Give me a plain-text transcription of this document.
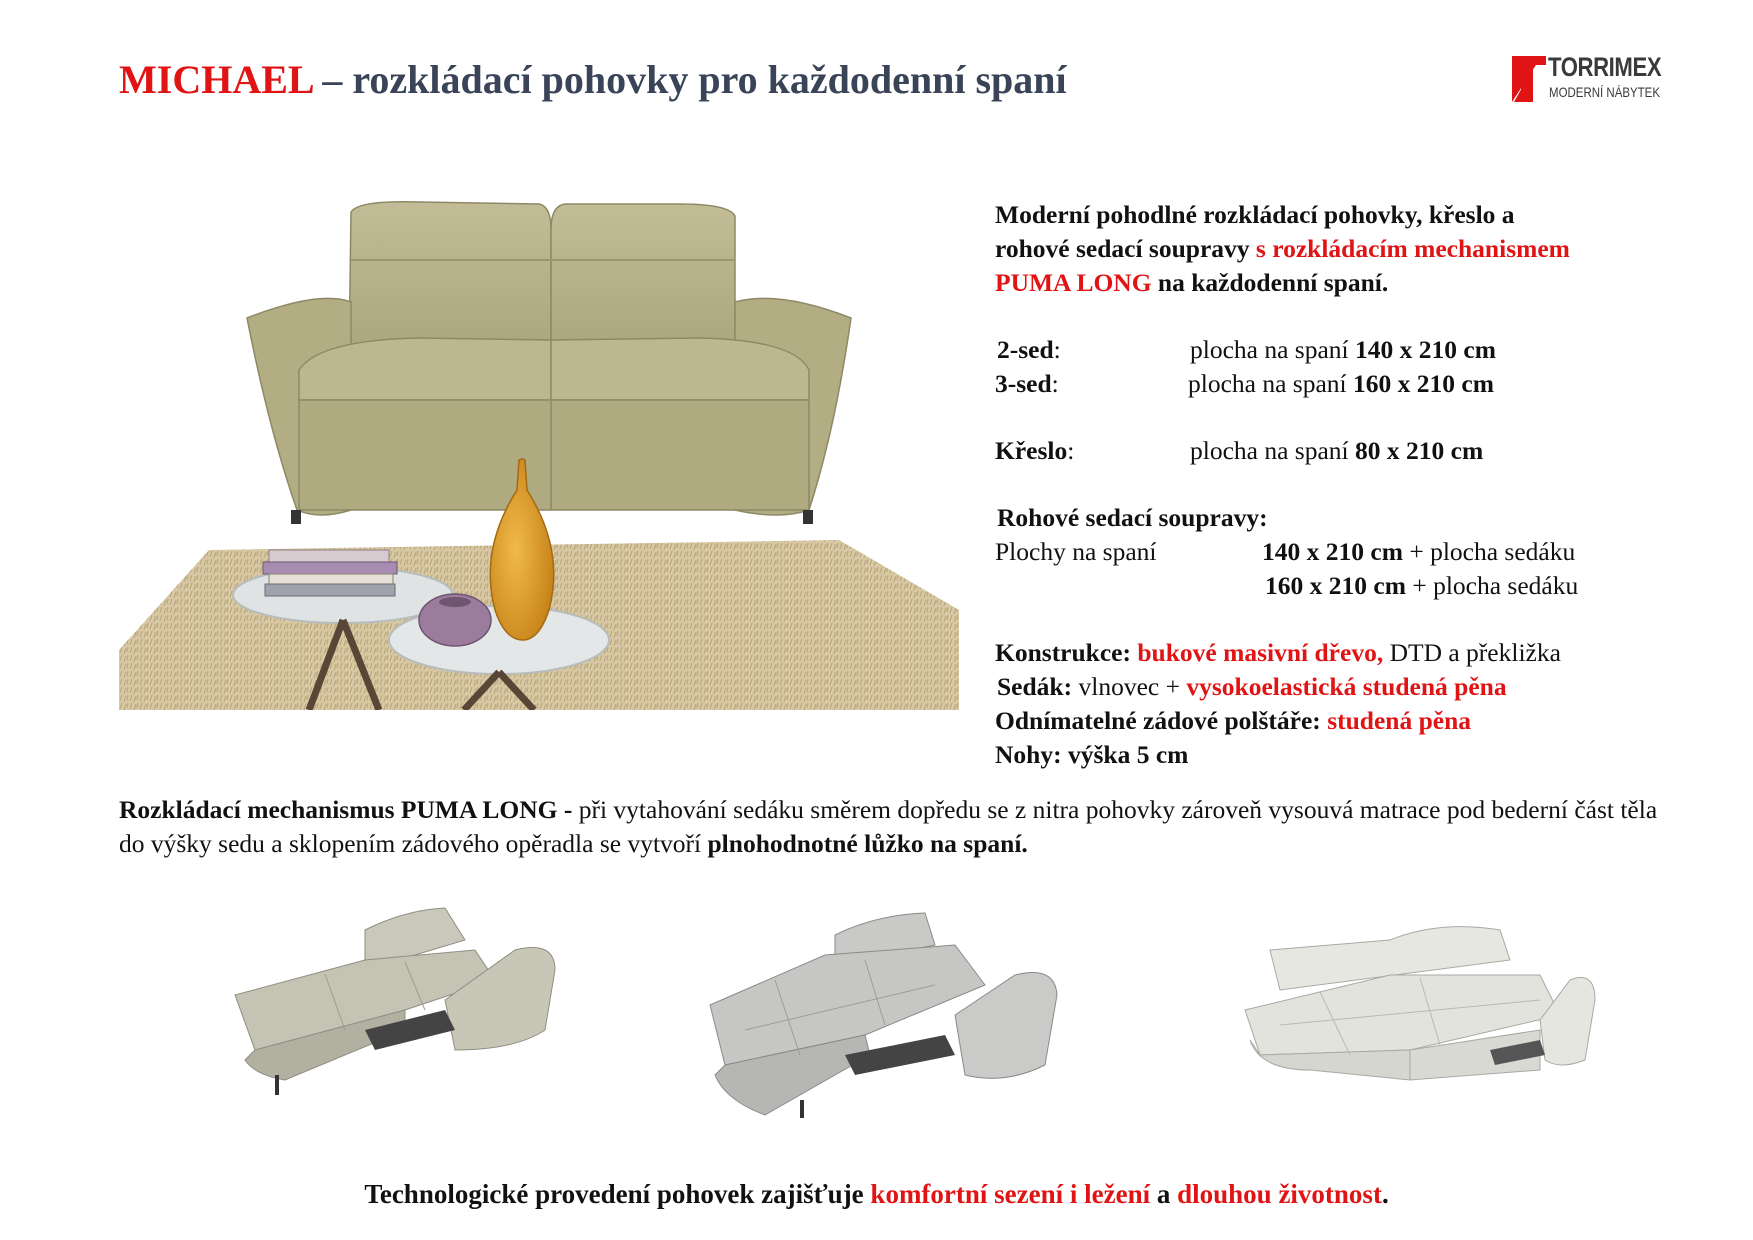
MICHAEL – rozkládací pohovky pro každodenní spaní	TORRIMEX
MODERNÍ NÁBYTEK
Moderní pohodlné rozkládací pohovky, křeslo a
rohové sedací soupravy s rozkládacím mechanismem
PUMA LONG na každodenní spaní.
2-sed:	plocha na spaní 140 x 210 cm
3-sed:	plocha na spaní 160 x 210 cm
Křeslo:	plocha na spaní 80 x 210 cm
Rohové sedací soupravy:
Plochy na spaní	140 x 210 cm + plocha sedáku
160 x 210 cm + plocha sedáku
Konstrukce: bukové masivní dřevo, DTD a překližka
Sedák: vlnovec + vysokoelastická studená pěna
Odnímatelné zádové polštáře: studená pěna
Nohy: výška 5 cm

Rozkládací mechanismus PUMA LONG - při vytahování sedáku směrem dopředu se z nitra pohovky zároveň vysouvá matrace pod bederní část těla do výšky sedu a sklopením zádového opěradla se vytvoří plnohodnotné lůžko na spaní.

Technologické provedení pohovek zajišťuje komfortní sezení i ležení a dlouhou životnost.
